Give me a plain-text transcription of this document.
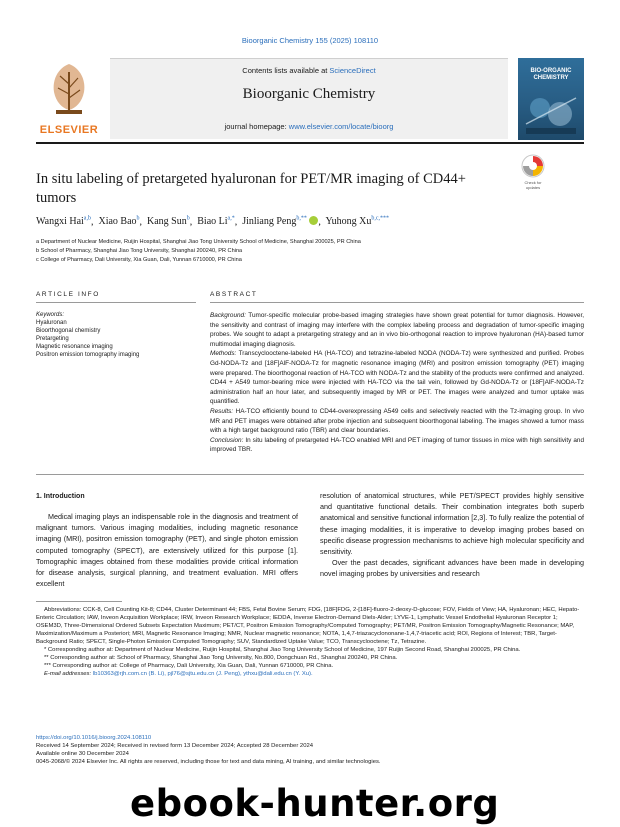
Bioorganic Chemistry 155 (2025) 108110
ELSEVIER
Contents lists available at ScienceDirect
Bioorganic Chemistry
journal homepage: www.elsevier.com/locate/bioorg
BIO-ORGANIC CHEMISTRY
In situ labeling of pretargeted hyaluronan for PET/MR imaging of CD44+ tumors
Check for
updates
Wangxi Hai$^{a,b}$,  Xiao Bao$^b$,  Kang Sun$^b$,  Biao $Li^{a,*}$,  Jinliang Peng$^{b,**}$ ,  Yuhong $Xu^{b,c,***}$
a Department of Nuclear Medicine, Ruijin Hospital, Shanghai Jiao Tong University School of Medicine, Shanghai 200025, PR China
b School of Pharmacy, Shanghai Jiao Tong University, Shanghai 200240, PR China
c College of Pharmacy, Dali University, Xia Guan, Dali, Yunnan 6710000, PR China
ARTICLE INFO	ABSTRACT
Keywords:
Hyaluronan
Bioorthogonal chemistry
Pretargeting
Magnetic resonance imaging
Positron emission tomography imaging

Background: Tumor-specific molecular probe-based imaging strategies have shown great potential for tumor diagnosis. However, the sensitivity and contrast of imaging may interfere with the complex labeling process and degradation of tumor-specific imaging probes. We sought to adapt a pretargeting strategy and an in vivo bio-orthogonal reaction to improve hyaluronan (HA)-based tumor multimodal imaging diagnosis.

Methods: Transcyclooctene-labeled HA (HA-TCO) and tetrazine-labeled NODA (NODA-Tz) were synthesized and purified. Probes Gd-NODA-Tz and [18F]AlF-NODA-Tz for magnetic resonance imaging (MRI) and positron emission tomography (PET) imaging were prepared. The bioorthogonal reaction of HA-TCO with NODA-Tz and the stability of the products were confirmed and analyzed. CD44 + A549 tumor-bearing mice were injected with HA-TCO via the tail vein, followed by Gd-NODA-Tz or [18F]AlF-NODA-Tz administration half an hour later, and subsequently imaged by MR or PET. The images were analyzed and tumor uptake was quantified.

Results: HA-TCO efficiently bound to CD44-overexpressing A549 cells and selectively reacted with the Tz-imaging group. In vivo MR and PET images were obtained after probe injection and subsequent bioorthogonal labeling. The images showed a tumor mass with a high target background ratio (TBR) and clear boundaries.

Conclusion: In situ labeling of pretargeted HA-TCO enabled MRI and PET imaging of tumor tissues in mice with high sensitivity and improved TBR.

1. Introduction

Medical imaging plays an indispensable role in the diagnosis and treatment of malignant tumors. Various imaging modalities, including magnetic resonance imaging (MRI), positron emission tomography (PET), and single photon emission computed tomography (SPECT), are extensively utilized for this purpose [1]. Tomographic images obtained from these modalities provide critical information for disease analysis, surgical planning, and treatment evaluation. MRI offers excellent

resolution of anatomical structures, while PET/SPECT provides highly sensitive and quantitative functional details. Their combination integrates both superb anatomical and sensitive functional information [2,3]. To fully realize the potential of these imaging modalities, it is imperative to develop imaging probes based on specific disease progression mechanisms to achieve high molecular specificity and sensitivity.

Over the past decades, significant advances have been made in developing novel imaging probes by universities and research

Abbreviations: CCK-8, Cell Counting Kit-8; CD44, Cluster Determinant 44; FBS, Fetal Bovine Serum; FDG, [18F]FDG, 2-[18F]-fluoro-2-deoxy-D-glucose; FOV, Fields of View; HA, Hyaluronan; HEC, Hepato-Enteric Circulation; IAW, Inveon Acquisition Workplace; IRW, Inveon Research Workplace; IEDDA, Inverse Electron-Demand Diels-Alder; LYVE-1, Lymphatic Vessel Endothelial Hyaluronan Receptor 1; OSEM3D, Three-Dimensional Ordered Subsets Expectation Maximum; PET/CT, Positron Emission Tomography/Computed Tomography; PET/MR, Positron Emission Tomography/Magnetic Resonance; MAP, Maximization/Maximum a Posteriori; MRI, Magnetic Resonance Imaging; NMR, Nuclear magnetic resonance; NOTA, 1,4,7-triazacyclononane-1,4,7-triacetic acid; ROI, Regions of Interest; TBR, Target-Background Ratio; SPECT, Single-Photon Emission Computed Tomography; SUV, Standardized Uptake Value; TCO, Transcyclooctene; Tz, Tetrazine.

* Corresponding author at: Department of Nuclear Medicine, Ruijin Hospital, Shanghai Jiao Tong University School of Medicine, 197 Ruijin Second Road, Shanghai 200025, PR China.

** Corresponding author at: School of Pharmacy, Shanghai Jiao Tong University, No.800, Dongchuan Rd., Shanghai 200240, PR China.

*** Corresponding author at: College of Pharmacy, Dali University, Xia Guan, Dali, Yunnan 6710000, PR China.

E-mail addresses: lb10363@rjh.com.cn (B. Li), pjl76@sjtu.edu.cn (J. Peng), ythxu@dali.edu.cn (Y. Xu).

https://doi.org/10.1016/j.bioorg.2024.108110

Received 14 September 2024; Received in revised form 13 December 2024; Accepted 28 December 2024

Available online 30 December 2024

0045-2068/© 2024 Elsevier Inc. All rights are reserved, including those for text and data mining, AI training, and similar technologies.

ebook-hunter.org
